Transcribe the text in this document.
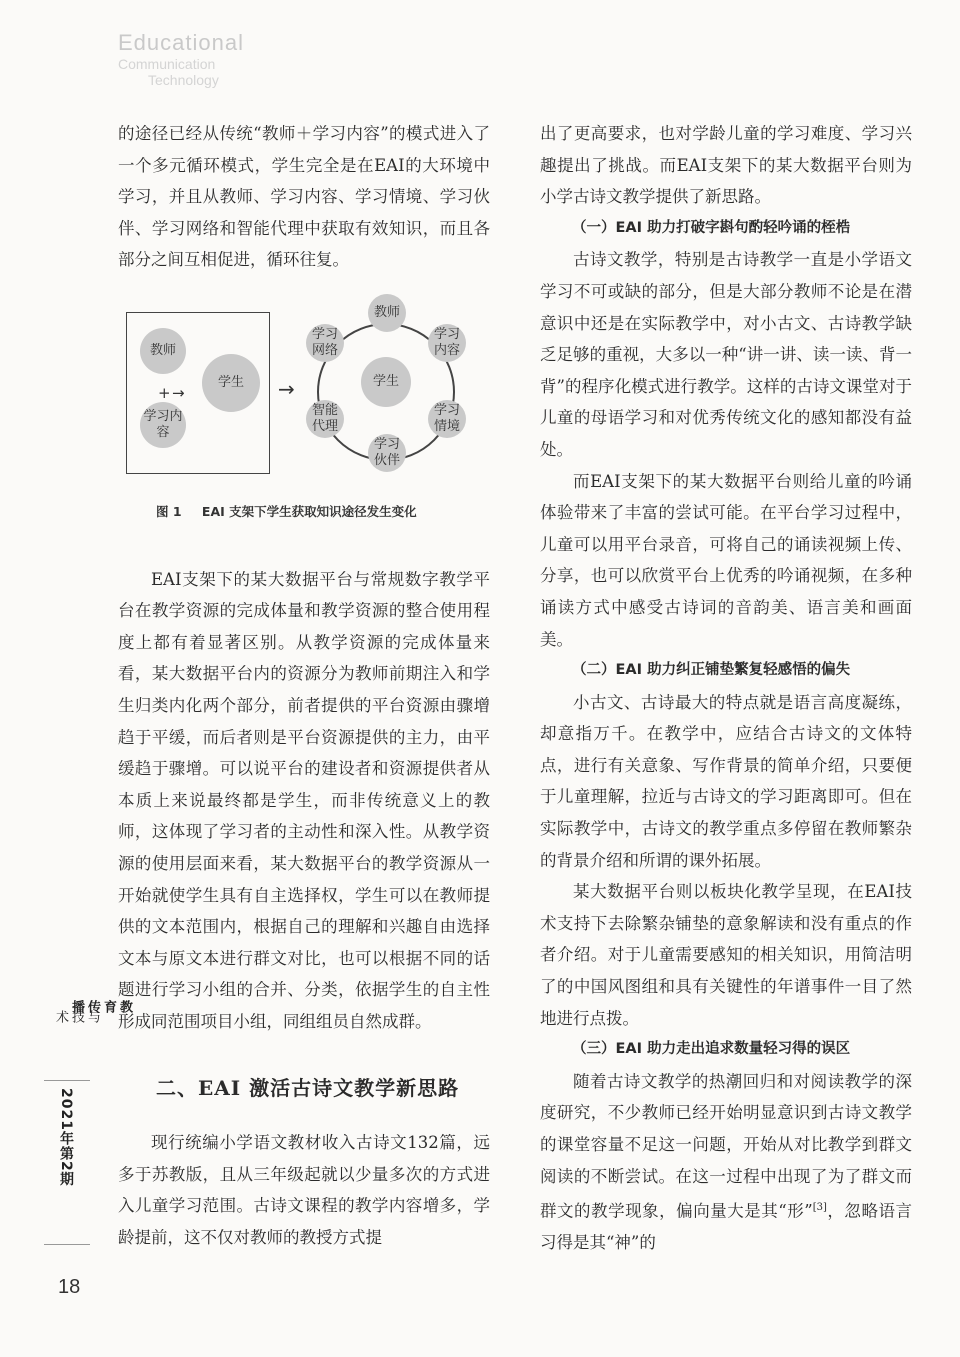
Educational
Communication
Technology

的途径已经从传统“教师＋学习内容”的模式进入了一个多元循环模式，学生完全是在EAI的大环境中学习，并且从教师、学习内容、学习情境、学习伙伴、学习网络和智能代理中获取有效知识，而且各部分之间互相促进，循环往复。

教师
学习内容
+ →
学生	→	学生
教师
学习内容
学习情境
学习伙伴
智能代理
学习网络

图 1 EAI 支架下学生获取知识途径发生变化

EAI支架下的某大数据平台与常规数字教学平台在教学资源的完成体量和教学资源的整合使用程度上都有着显著区别。从教学资源的完成体量来看，某大数据平台内的资源分为教师前期注入和学生归类内化两个部分，前者提供的平台资源由骤增趋于平缓，而后者则是平台资源提供的主力，由平缓趋于骤增。可以说平台的建设者和资源提供者从本质上来说最终都是学生，而非传统意义上的教师，这体现了学习者的主动性和深入性。从教学资源的使用层面来看，某大数据平台的教学资源从一开始就使学生具有自主选择权，学生可以在教师提供的文本范围内，根据自己的理解和兴趣自由选择文本与原文本进行群文对比，也可以根据不同的话题进行学习小组的合并、分类，依据学生的自主性形成同范围项目小组，同组组员自然成群。

二、EAI 激活古诗文教学新思路

现行统编小学语文教材收入古诗文132篇，远多于苏教版，且从三年级起就以少量多次的方式进入儿童学习范围。古诗文课程的教学内容增多，学龄提前，这不仅对教师的教授方式提

出了更高要求，也对学龄儿童的学习难度、学习兴趣提出了挑战。而EAI支架下的某大数据平台则为小学古诗文教学提供了新思路。

（一）EAI 助力打破字斟句酌轻吟诵的桎梏

古诗文教学，特别是古诗教学一直是小学语文学习不可或缺的部分，但是大部分教师不论是在潜意识中还是在实际教学中，对小古文、古诗教学缺乏足够的重视，大多以一种“讲一讲、读一读、背一背”的程序化模式进行教学。这样的古诗文课堂对于儿童的母语学习和对优秀传统文化的感知都没有益处。

而EAI支架下的某大数据平台则给儿童的吟诵体验带来了丰富的尝试可能。在平台学习过程中，儿童可以用平台录音，可将自己的诵读视频上传、分享，也可以欣赏平台上优秀的吟诵视频，在多种诵读方式中感受古诗词的音韵美、语言美和画面美。

（二）EAI 助力纠正铺垫繁复轻感悟的偏失

小古文、古诗最大的特点就是语言高度凝练，却意指万千。在教学中，应结合古诗文的文体特点，进行有关意象、写作背景的简单介绍，只要便于儿童理解，拉近与古诗文的学习距离即可。但在实际教学中，古诗文的教学重点多停留在教师繁杂的背景介绍和所谓的课外拓展。

某大数据平台则以板块化教学呈现，在EAI技术支持下去除繁杂铺垫的意象解读和没有重点的作者介绍。对于儿童需要感知的相关知识，用简洁明了的中国风图组和具有关键性的年谱事件一目了然地进行点拨。

（三）EAI 助力走出追求数量轻习得的误区

随着古诗文教学的热潮回归和对阅读教学的深度研究，不少教师已经开始明显意识到古诗文教学的课堂容量不足这一问题，开始从对比教学到群文阅读的不断尝试。在这一过程中出现了为了群文而群文的教学现象，偏向量大是其“形”[3]，忽略语言习得是其“神”的

教育传播
与技术
2021年第2期
18
